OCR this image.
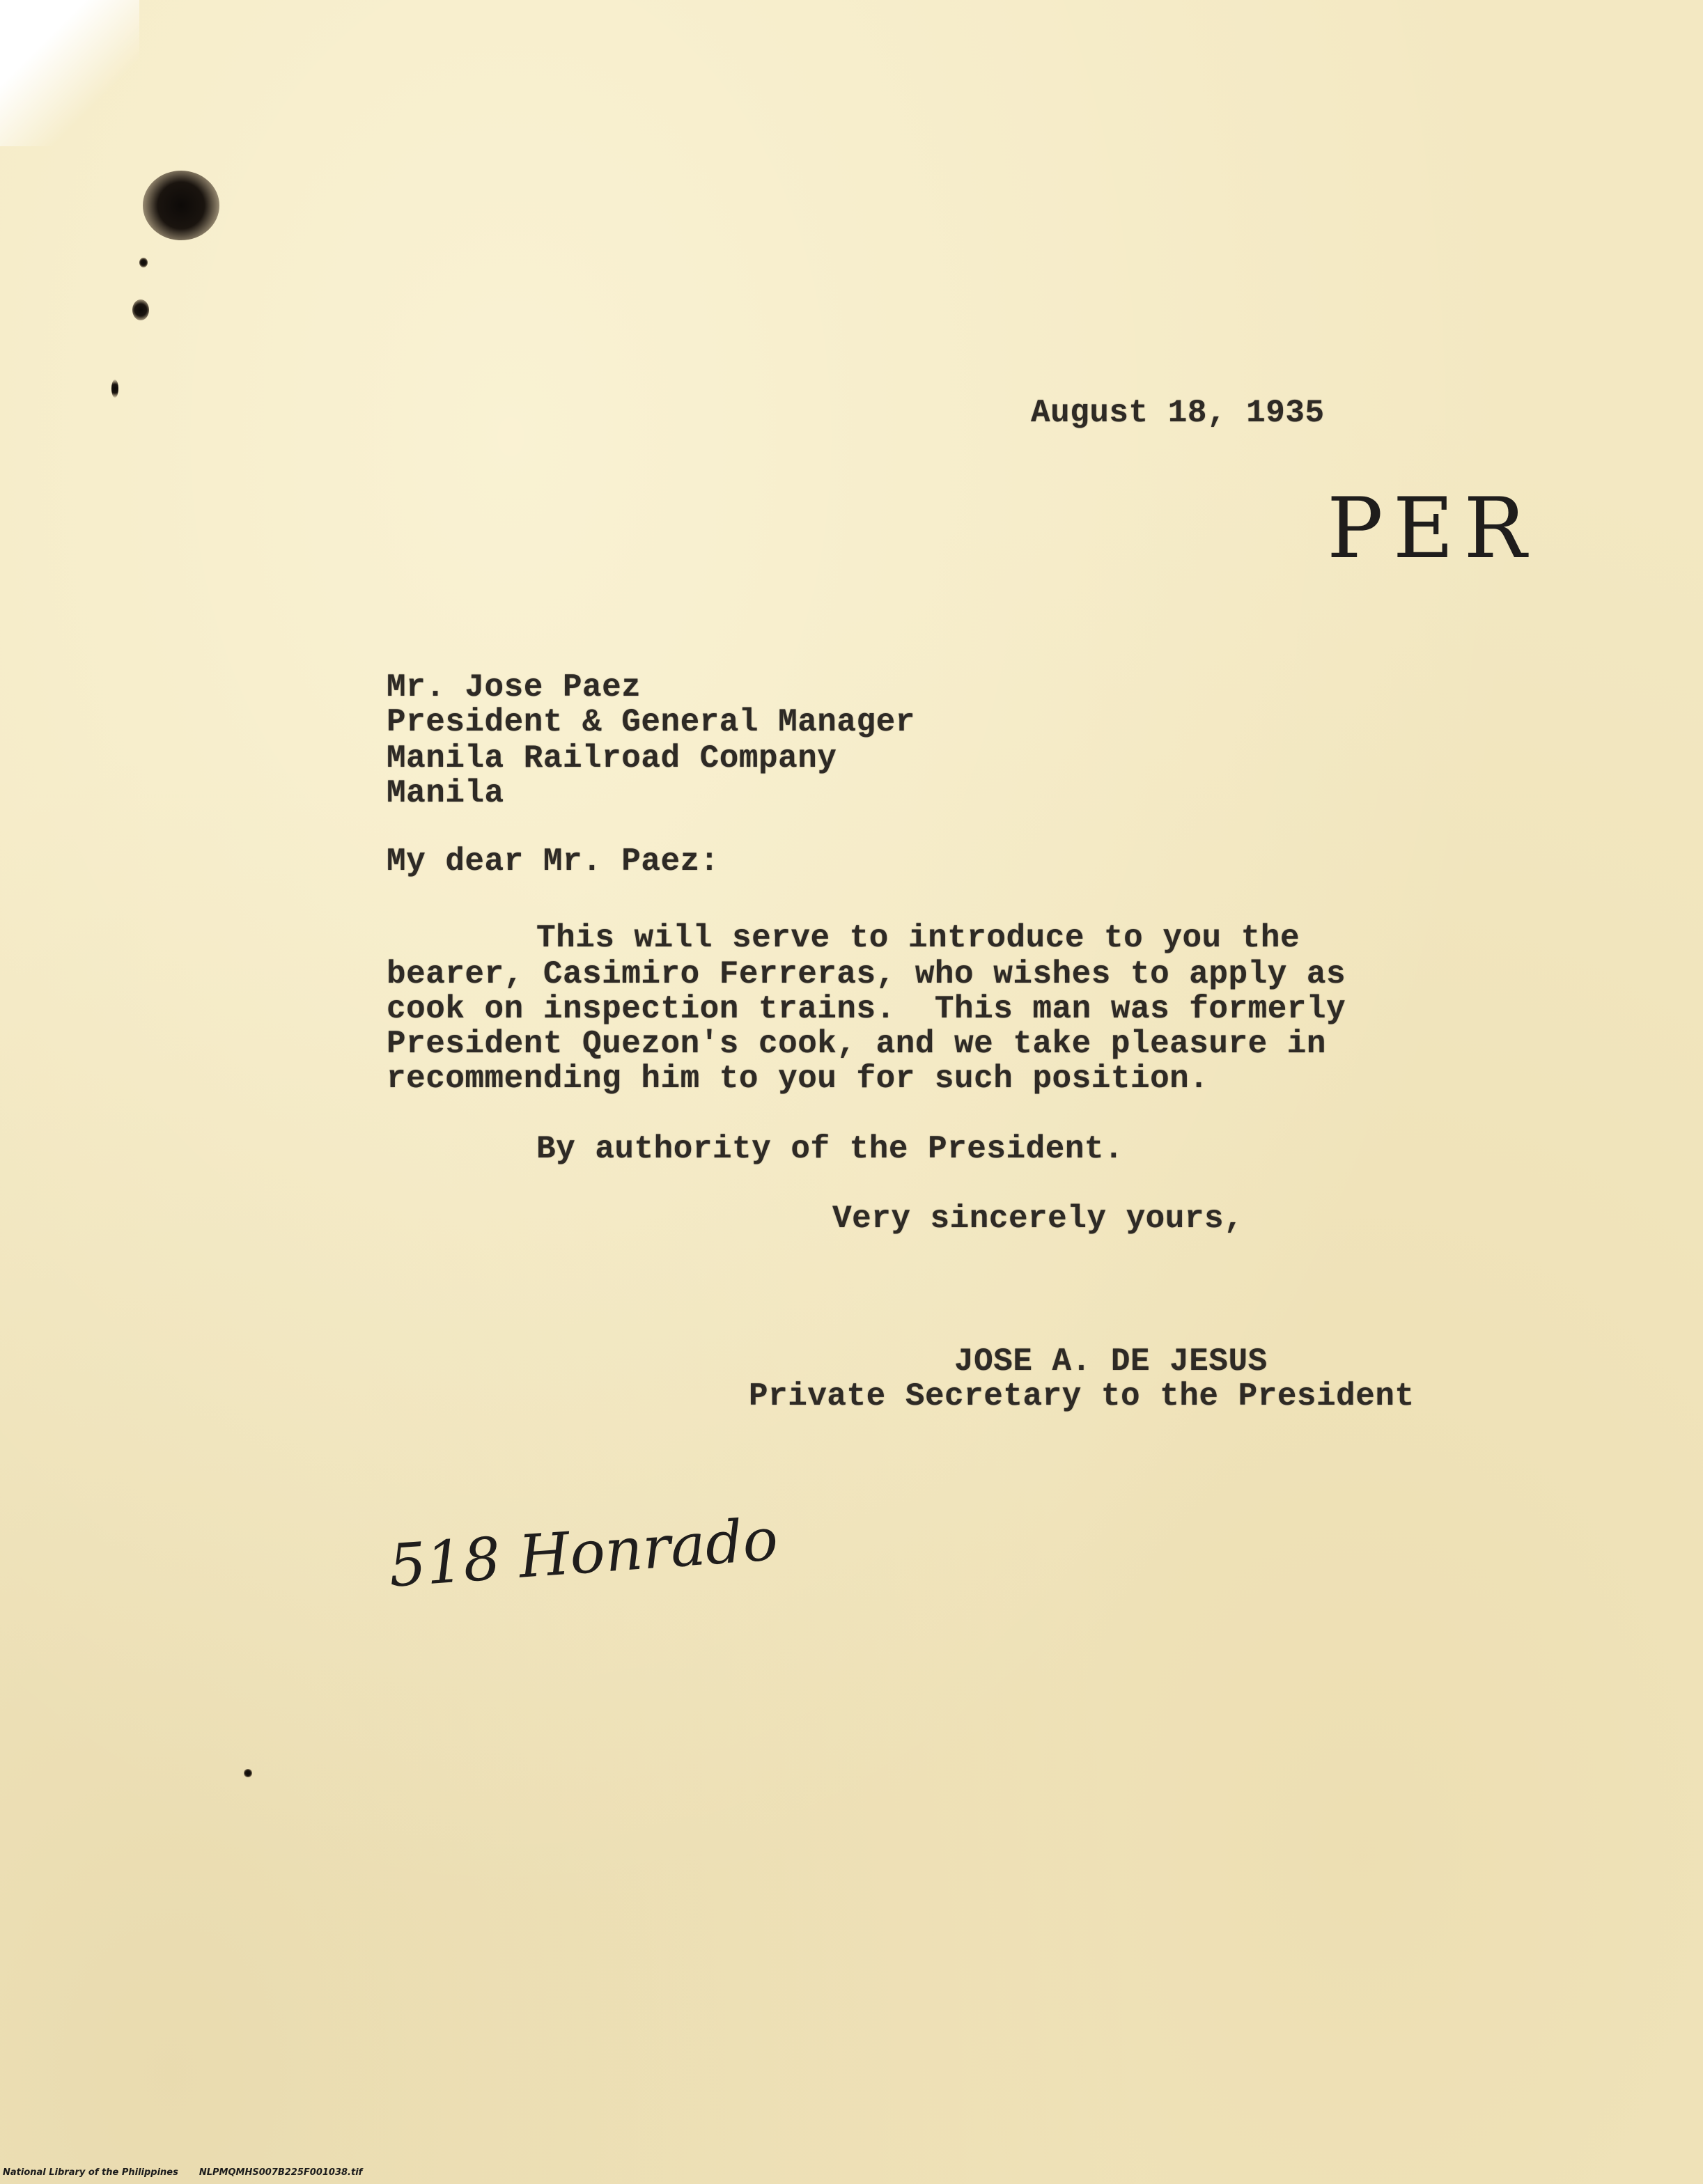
August 18, 1935
PER
Mr. Jose Paez
President & General Manager
Manila Railroad Company
Manila
My dear Mr. Paez:
This will serve to introduce to you the
bearer, Casimiro Ferreras, who wishes to apply as
cook on inspection trains.  This man was formerly
President Quezon's cook, and we take pleasure in
recommending him to you for such position.
By authority of the President.
Very sincerely yours,
JOSE A. DE JESUS
Private Secretary to the President
518 Honrado
National Library of the Philippines NLPMQMHS007B225F001038.tif
